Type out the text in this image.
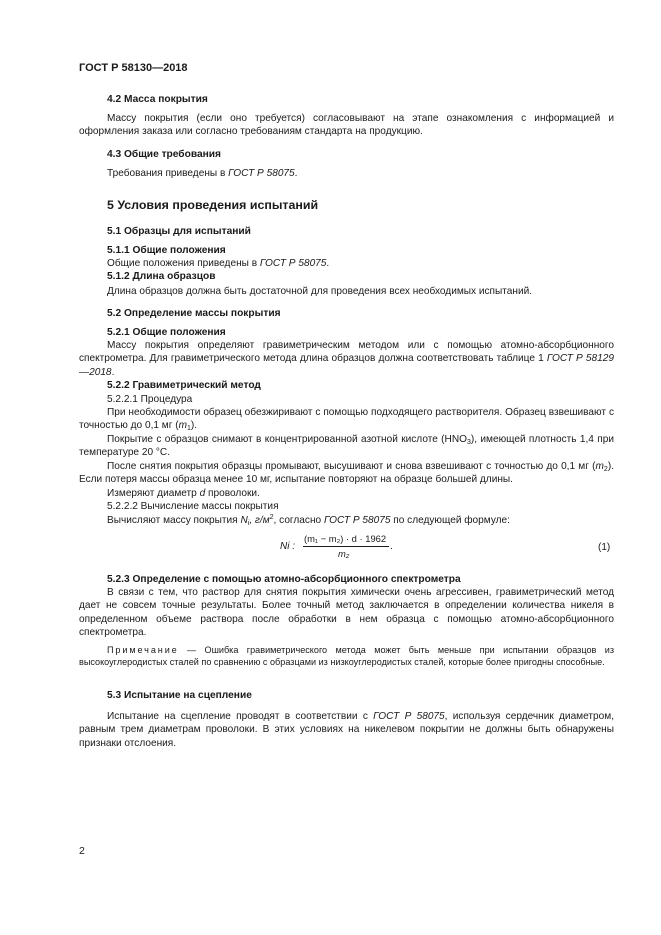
ГОСТ Р 58130—2018
4.2 Масса покрытия
Массу покрытия (если оно требуется) согласовывают на этапе ознакомления с информацией и оформления заказа или согласно требованиям стандарта на продукцию.
4.3 Общие требования
Требования приведены в ГОСТ Р 58075.
5 Условия проведения испытаний
5.1 Образцы для испытаний
5.1.1 Общие положения
Общие положения приведены в ГОСТ Р 58075.
5.1.2 Длина образцов
Длина образцов должна быть достаточной для проведения всех необходимых испытаний.
5.2 Определение массы покрытия
5.2.1 Общие положения
Массу покрытия определяют гравиметрическим методом или с помощью атомно-абсорбционного спектрометра. Для гравиметрического метода длина образцов должна соответствовать таблице 1 ГОСТ Р 58129—2018.
5.2.2 Гравиметрический метод
5.2.2.1 Процедура
При необходимости образец обезжиривают с помощью подходящего растворителя. Образец взвешивают с точностью до 0,1 мг $(m_1)$.
Покрытие с образцов снимают в концентрированной азотной кислоте $(HNO_3)$, имеющей плотность 1,4 при температуре 20 °С.
После снятия покрытия образцы промывают, высушивают и снова взвешивают с точностью до 0,1 мг $(m_2)$. Если потеря массы образца менее 10 мг, испытание повторяют на образце большей длины.
Измеряют диаметр d проволоки.
5.2.2.2 Вычисление массы покрытия
Вычисляют массу покрытия $N_i$, $г/м^2$, согласно ГОСТ Р 58075 по следующей формуле:
Ni :
(m₁ − m₂) · d · 1962
m₂
.	(1)
5.2.3 Определение с помощью атомно-абсорбционного спектрометра
В связи с тем, что раствор для снятия покрытия химически очень агрессивен, гравиметрический метод дает не совсем точные результаты. Более точный метод заключается в определении количества никеля в определенном объеме раствора после обработки в нем образца с помощью атомно-абсорбционного спектрометра.
Примечание — Ошибка гравиметрического метода может быть меньше при испытании образцов из высокоуглеродистых сталей по сравнению с образцами из низкоуглеродистых сталей, которые более пригодны способные.
5.3 Испытание на сцепление
Испытание на сцепление проводят в соответствии с ГОСТ Р 58075, используя сердечник диаметром, равным трем диаметрам проволоки. В этих условиях на никелевом покрытии не должны быть обнаружены признаки отслоения.
2
